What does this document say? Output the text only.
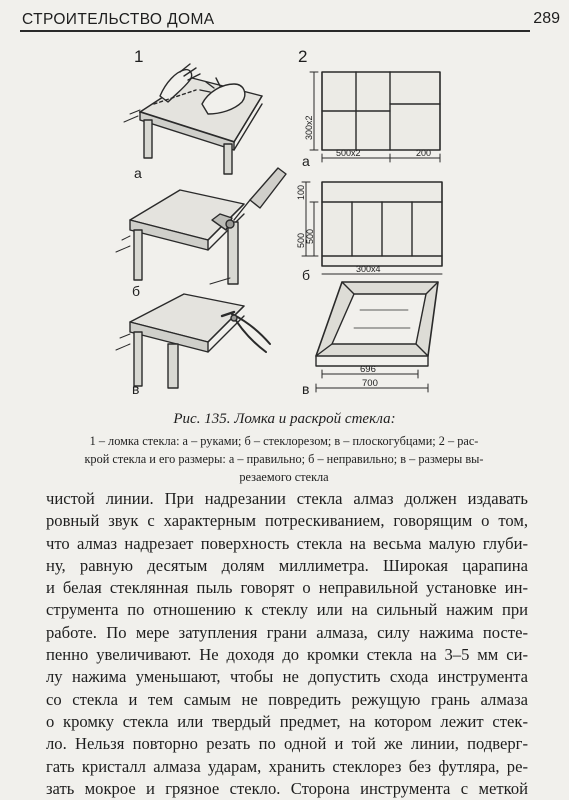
СТРОИТЕЛЬСТВО ДОМА	289
1	2
а
б
в
а
б
в
300x2
500x2	200
100
500 500
300x4
696
700
Рис. 135. Ломка и раскрой стекла:
1 – ломка стекла: а – руками; б – стеклорезом; в – плоскогубцами; 2 – рас-
крой стекла и его размеры: а – правильно; б – неправильно; в – размеры вы-
резаемого стекла
чистой линии. При надрезании стекла алмаз должен издавать
ровный звук с характерным потрескиванием, говорящим о том,
что алмаз надрезает поверхность стекла на весьма малую глуби-
ну, равную десятым долям миллиметра. Широкая царапина
и белая стеклянная пыль говорят о неправильной установке ин-
струмента по отношению к стеклу или на сильный нажим при
работе. По мере затупления грани алмаза, силу нажима посте-
пенно увеличивают. Не доходя до кромки стекла на 3–5 мм си-
лу нажима уменьшают, чтобы не допустить схода инструмента
со стекла и тем самым не повредить режущую грань алмаза
о кромку стекла или твердый предмет, на котором лежит стек-
ло. Нельзя повторно резать по одной и той же линии, подверг-
гать кристалл алмаза ударам, хранить стеклорез без футляра, ре-
зать мокрое и грязное стекло. Сторона инструмента с меткой
